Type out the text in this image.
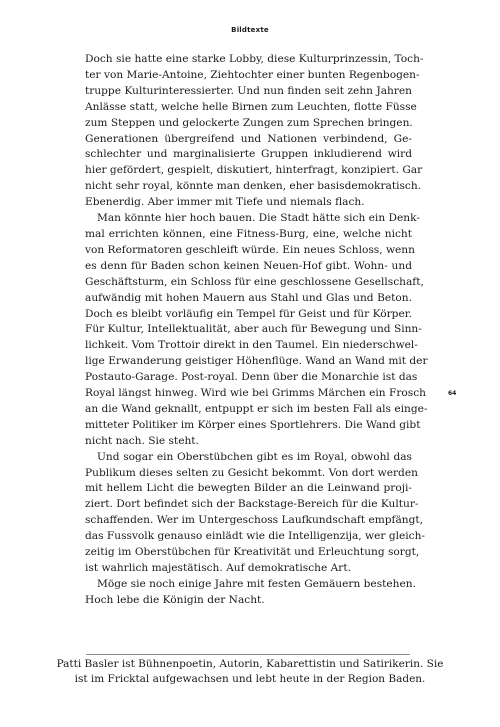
Bildtexte
Doch sie hatte eine starke Lobby, diese Kulturprinzessin, Toch-
ter von Marie-Antoine, Ziehtochter einer bunten Regenbogen-
truppe Kulturinteressierter. Und nun finden seit zehn Jahren
Anlässe statt, welche helle Birnen zum Leuchten, flotte Füsse
zum Steppen und gelockerte Zungen zum Sprechen bringen.
Generationen übergreifend und Nationen verbindend, Ge-
schlechter und marginalisierte Gruppen inkludierend wird
hier gefördert, gespielt, diskutiert, hinterfragt, konzipiert. Gar
nicht sehr royal, könnte man denken, eher basisdemokratisch.
Ebenerdig. Aber immer mit Tiefe und niemals flach.
Man könnte hier hoch bauen. Die Stadt hätte sich ein Denk-
mal errichten können, eine Fitness-Burg, eine, welche nicht
von Reformatoren geschleift würde. Ein neues Schloss, wenn
es denn für Baden schon keinen Neuen-Hof gibt. Wohn- und
Geschäftsturm, ein Schloss für eine geschlossene Gesellschaft,
aufwändig mit hohen Mauern aus Stahl und Glas und Beton.
Doch es bleibt vorläufig ein Tempel für Geist und für Körper.
Für Kultur, Intellektualität, aber auch für Bewegung und Sinn-
lichkeit. Vom Trottoir direkt in den Taumel. Ein niederschwel-
lige Erwanderung geistiger Höhenflüge. Wand an Wand mit der
Postauto-Garage. Post-royal. Denn über die Monarchie ist das
Royal längst hinweg. Wird wie bei Grimms Märchen ein Frosch
an die Wand geknallt, entpuppt er sich im besten Fall als einge-
mitteter Politiker im Körper eines Sportlehrers. Die Wand gibt
nicht nach. Sie steht.
Und sogar ein Oberstübchen gibt es im Royal, obwohl das
Publikum dieses selten zu Gesicht bekommt. Von dort werden
mit hellem Licht die bewegten Bilder an die Leinwand proji-
ziert. Dort befindet sich der Backstage-Bereich für die Kultur-
schaffenden. Wer im Untergeschoss Laufkundschaft empfängt,
das Fussvolk genauso einlädt wie die Intelligenzija, wer gleich-
zeitig im Oberstübchen für Kreativität und Erleuchtung sorgt,
ist wahrlich majestätisch. Auf demokratische Art.
Möge sie noch einige Jahre mit festen Gemäuern bestehen.
Hoch lebe die Königin der Nacht.
64
Patti Basler ist Bühnenpoetin, Autorin, Kabarettistin und Satirikerin. Sie
ist im Fricktal aufgewachsen und lebt heute in der Region Baden.
